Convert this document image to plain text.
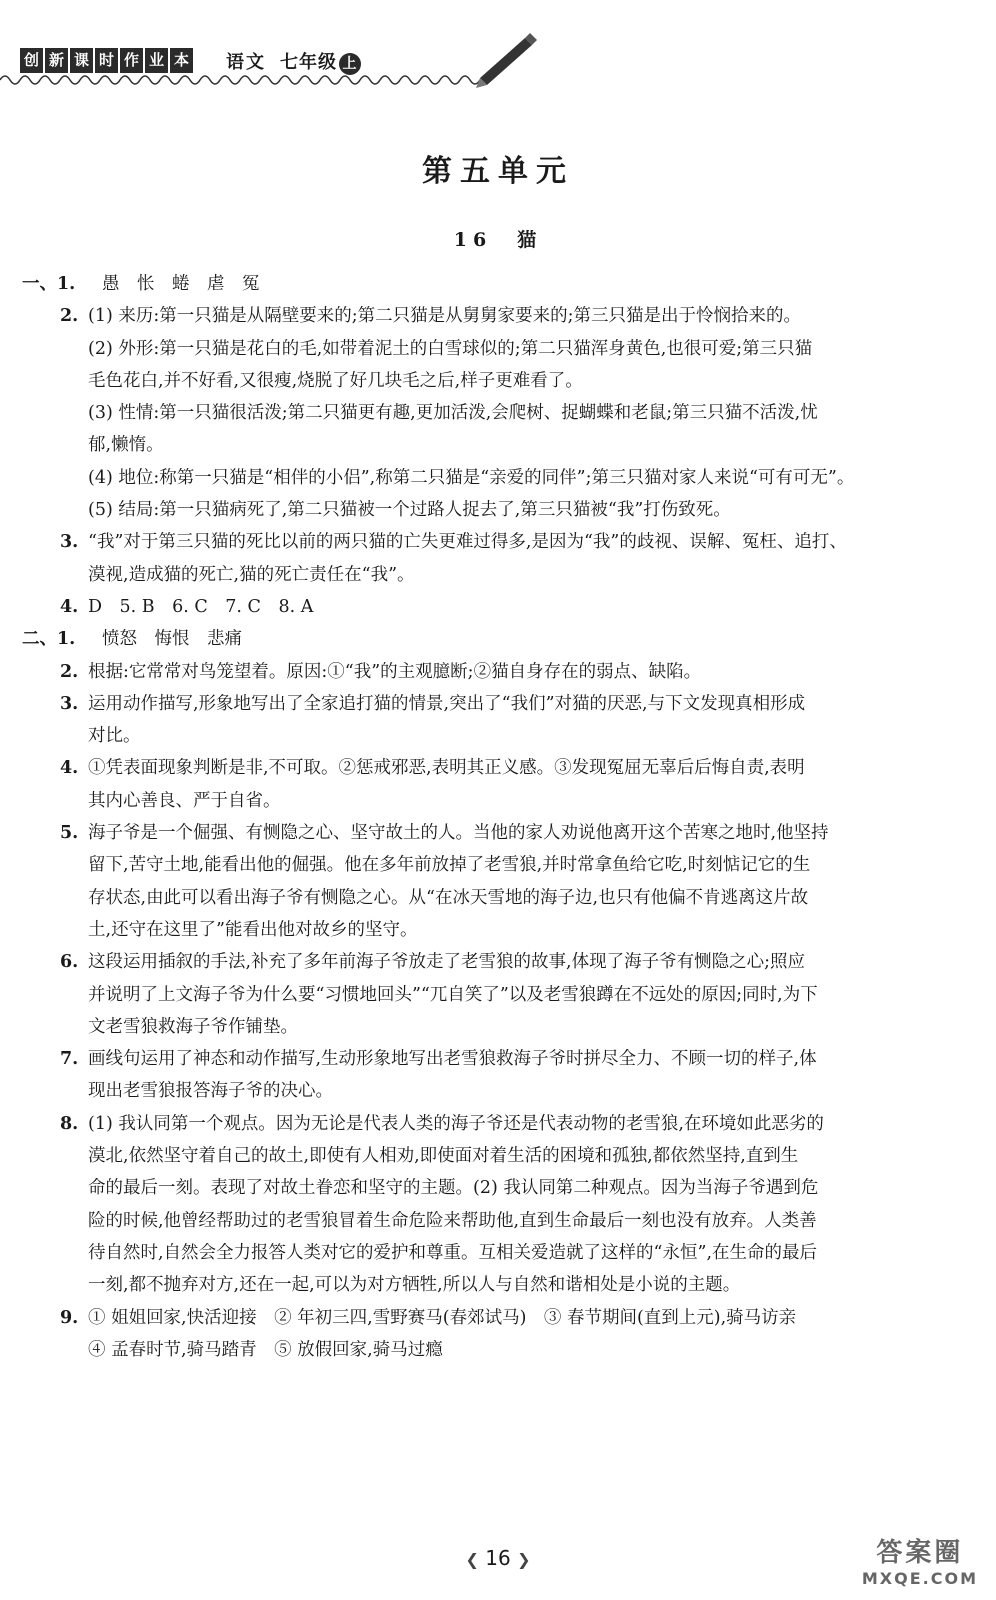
创 新 课 时 作 业 本 语文 七年级 上
第五单元
16　猫
一、1. 愚　怅　蜷　虐　冤
2. (1) 来历:第一只猫是从隔壁要来的;第二只猫是从舅舅家要来的;第三只猫是出于怜悯拾来的。
(2) 外形:第一只猫是花白的毛,如带着泥土的白雪球似的;第二只猫浑身黄色,也很可爱;第三只猫
毛色花白,并不好看,又很瘦,烧脱了好几块毛之后,样子更难看了。
(3) 性情:第一只猫很活泼;第二只猫更有趣,更加活泼,会爬树、捉蝴蝶和老鼠;第三只猫不活泼,忧
郁,懒惰。
(4) 地位:称第一只猫是“相伴的小侣”,称第二只猫是“亲爱的同伴”;第三只猫对家人来说“可有可无”。
(5) 结局:第一只猫病死了,第二只猫被一个过路人捉去了,第三只猫被“我”打伤致死。
3. “我”对于第三只猫的死比以前的两只猫的亡失更难过得多,是因为“我”的歧视、误解、冤枉、追打、
漠视,造成猫的死亡,猫的死亡责任在“我”。
4. D　5. B　6. C　7. C　8. A
二、1. 愤怒　悔恨　悲痛
2. 根据:它常常对鸟笼望着。原因:①“我”的主观臆断;②猫自身存在的弱点、缺陷。
3. 运用动作描写,形象地写出了全家追打猫的情景,突出了“我们”对猫的厌恶,与下文发现真相形成
对比。
4. ①凭表面现象判断是非,不可取。②惩戒邪恶,表明其正义感。③发现冤屈无辜后后悔自责,表明
其内心善良、严于自省。
5. 海子爷是一个倔强、有恻隐之心、坚守故土的人。当他的家人劝说他离开这个苦寒之地时,他坚持
留下,苦守土地,能看出他的倔强。他在多年前放掉了老雪狼,并时常拿鱼给它吃,时刻惦记它的生
存状态,由此可以看出海子爷有恻隐之心。从“在冰天雪地的海子边,也只有他偏不肯逃离这片故
土,还守在这里了”能看出他对故乡的坚守。
6. 这段运用插叙的手法,补充了多年前海子爷放走了老雪狼的故事,体现了海子爷有恻隐之心;照应
并说明了上文海子爷为什么要“习惯地回头”“兀自笑了”以及老雪狼蹲在不远处的原因;同时,为下
文老雪狼救海子爷作铺垫。
7. 画线句运用了神态和动作描写,生动形象地写出老雪狼救海子爷时拼尽全力、不顾一切的样子,体
现出老雪狼报答海子爷的决心。
8. (1) 我认同第一个观点。因为无论是代表人类的海子爷还是代表动物的老雪狼,在环境如此恶劣的
漠北,依然坚守着自己的故土,即使有人相劝,即使面对着生活的困境和孤独,都依然坚持,直到生
命的最后一刻。表现了对故土眷恋和坚守的主题。(2) 我认同第二种观点。因为当海子爷遇到危
险的时候,他曾经帮助过的老雪狼冒着生命危险来帮助他,直到生命最后一刻也没有放弃。人类善
待自然时,自然会全力报答人类对它的爱护和尊重。互相关爱造就了这样的“永恒”,在生命的最后
一刻,都不抛弃对方,还在一起,可以为对方牺牲,所以人与自然和谐相处是小说的主题。
9. ① 姐姐回家,快活迎接　② 年初三四,雪野赛马(春郊试马)　③ 春节期间(直到上元),骑马访亲
④ 孟春时节,骑马踏青　⑤ 放假回家,骑马过瘾
❮ 16 ❯	答案圈
MXQE.COM
